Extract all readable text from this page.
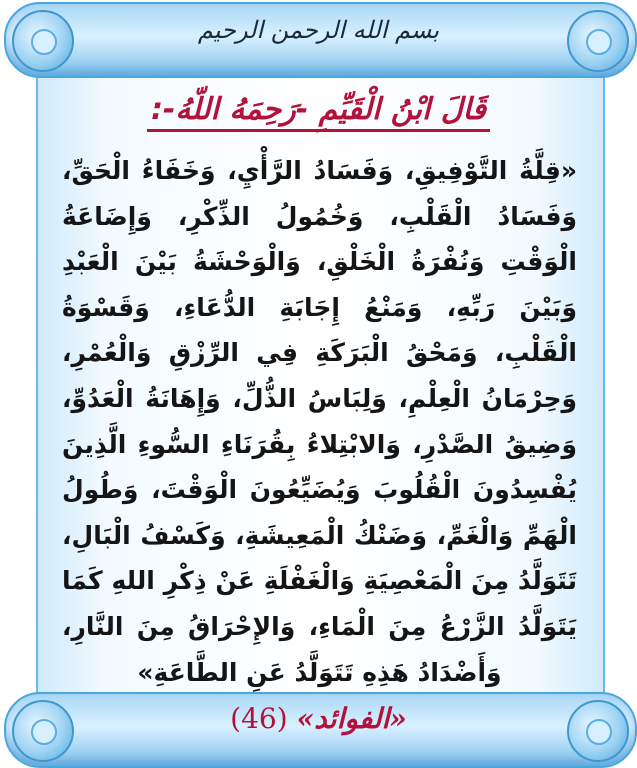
بسم الله الرحمن الرحيم
قَالَ ابْنُ الْقَيِّمِ -رَحِمَهُ اللّهُ-:
«قِلَّةُ التَّوْفِيقِ، وَفَسَادُ الرَّأْيِ، وَخَفَاءُ الْحَقِّ، وَفَسَادُ الْقَلْبِ، وَخُمُولُ الذِّكْرِ، وَإِضَاعَةُ الْوَقْتِ وَنُفْرَةُ الْخَلْقِ، وَالْوَحْشَةُ بَيْنَ الْعَبْدِ وَبَيْنَ رَبِّهِ، وَمَنْعُ إِجَابَةِ الدُّعَاءِ، وَقَسْوَةُ الْقَلْبِ، وَمَحْقُ الْبَرَكَةِ فِي الرِّزْقِ وَالْعُمْرِ، وَحِرْمَانُ الْعِلْمِ، وَلِبَاسُ الذُّلِّ، وَإِهَانَةُ الْعَدُوِّ، وَضِيقُ الصَّدْرِ، وَالابْتِلاءُ بِقُرَنَاءِ السُّوءِ الَّذِينَ يُفْسِدُونَ الْقُلُوبَ وَيُضَيِّعُونَ الْوَقْتَ، وَطُولُ الْهَمِّ وَالْغَمِّ، وَضَنْكُ الْمَعِيشَةِ، وَكَسْفُ الْبَالِ، تَتَوَلَّدُ مِنَ الْمَعْصِيَةِ وَالْغَفْلَةِ عَنْ ذِكْرِ اللهِ كَمَا يَتَوَلَّدُ الزَّرْعُ مِنَ الْمَاءِ، وَالإِحْرَاقُ مِنَ النَّارِ، وَأَضْدَادُ هَذِهِ تَتَوَلَّدُ عَنِ الطَّاعَةِ»
«الفوائد» (46)
